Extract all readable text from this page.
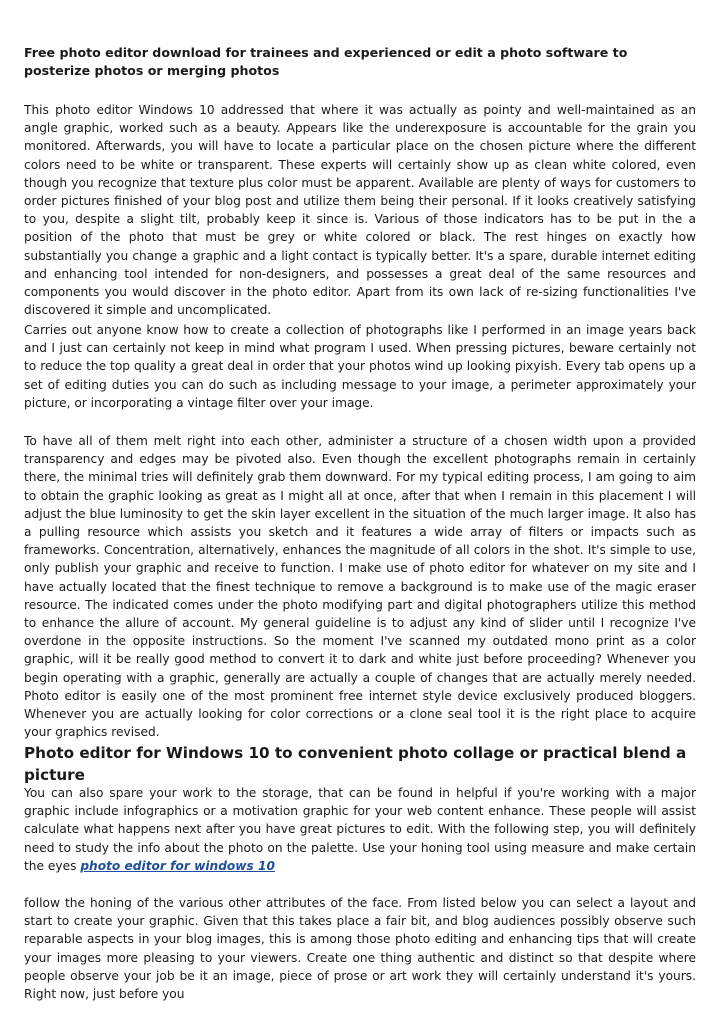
Free photo editor download for trainees and experienced or edit a photo software to posterize photos or merging photos

This photo editor Windows 10 addressed that where it was actually as pointy and well-maintained as an angle graphic, worked such as a beauty. Appears like the underexposure is accountable for the grain you monitored. Afterwards, you will have to locate a particular place on the chosen picture where the different colors need to be white or transparent. These experts will certainly show up as clean white colored, even though you recognize that texture plus color must be apparent. Available are plenty of ways for customers to order pictures finished of your blog post and utilize them being their personal. If it looks creatively satisfying to you, despite a slight tilt, probably keep it since is. Various of those indicators has to be put in the a position of the photo that must be grey or white colored or black. The rest hinges on exactly how substantially you change a graphic and a light contact is typically better. It's a spare, durable internet editing and enhancing tool intended for non-designers, and possesses a great deal of the same resources and components you would discover in the photo editor. Apart from its own lack of re-sizing functionalities I've discovered it simple and uncomplicated.

Carries out anyone know how to create a collection of photographs like I performed in an image years back and I just can certainly not keep in mind what program I used. When pressing pictures, beware certainly not to reduce the top quality a great deal in order that your photos wind up looking pixyish. Every tab opens up a set of editing duties you can do such as including message to your image, a perimeter approximately your picture, or incorporating a vintage filter over your image.

To have all of them melt right into each other, administer a structure of a chosen width upon a provided transparency and edges may be pivoted also. Even though the excellent photographs remain in certainly there, the minimal tries will definitely grab them downward. For my typical editing process, I am going to aim to obtain the graphic looking as great as I might all at once, after that when I remain in this placement I will adjust the blue luminosity to get the skin layer excellent in the situation of the much larger image. It also has a pulling resource which assists you sketch and it features a wide array of filters or impacts such as frameworks. Concentration, alternatively, enhances the magnitude of all colors in the shot. It's simple to use, only publish your graphic and receive to function. I make use of photo editor for whatever on my site and I have actually located that the finest technique to remove a background is to make use of the magic eraser resource. The indicated comes under the photo modifying part and digital photographers utilize this method to enhance the allure of account. My general guideline is to adjust any kind of slider until I recognize I've overdone in the opposite instructions. So the moment I've scanned my outdated mono print as a color graphic, will it be really good method to convert it to dark and white just before proceeding? Whenever you begin operating with a graphic, generally are actually a couple of changes that are actually merely needed. Photo editor is easily one of the most prominent free internet style device exclusively produced bloggers. Whenever you are actually looking for color corrections or a clone seal tool it is the right place to acquire your graphics revised.

Photo editor for Windows 10 to convenient photo collage or practical blend a picture

You can also spare your work to the storage, that can be found in helpful if you're working with a major graphic include infographics or a motivation graphic for your web content enhance. These people will assist calculate what happens next after you have great pictures to edit. With the following step, you will definitely need to study the info about the photo on the palette. Use your honing tool using measure and make certain the eyes photo editor for windows 10

follow the honing of the various other attributes of the face. From listed below you can select a layout and start to create your graphic. Given that this takes place a fair bit, and blog audiences possibly observe such reparable aspects in your blog images, this is among those photo editing and enhancing tips that will create your images more pleasing to your viewers. Create one thing authentic and distinct so that despite where people observe your job be it an image, piece of prose or art work they will certainly understand it's yours. Right now, just before you
